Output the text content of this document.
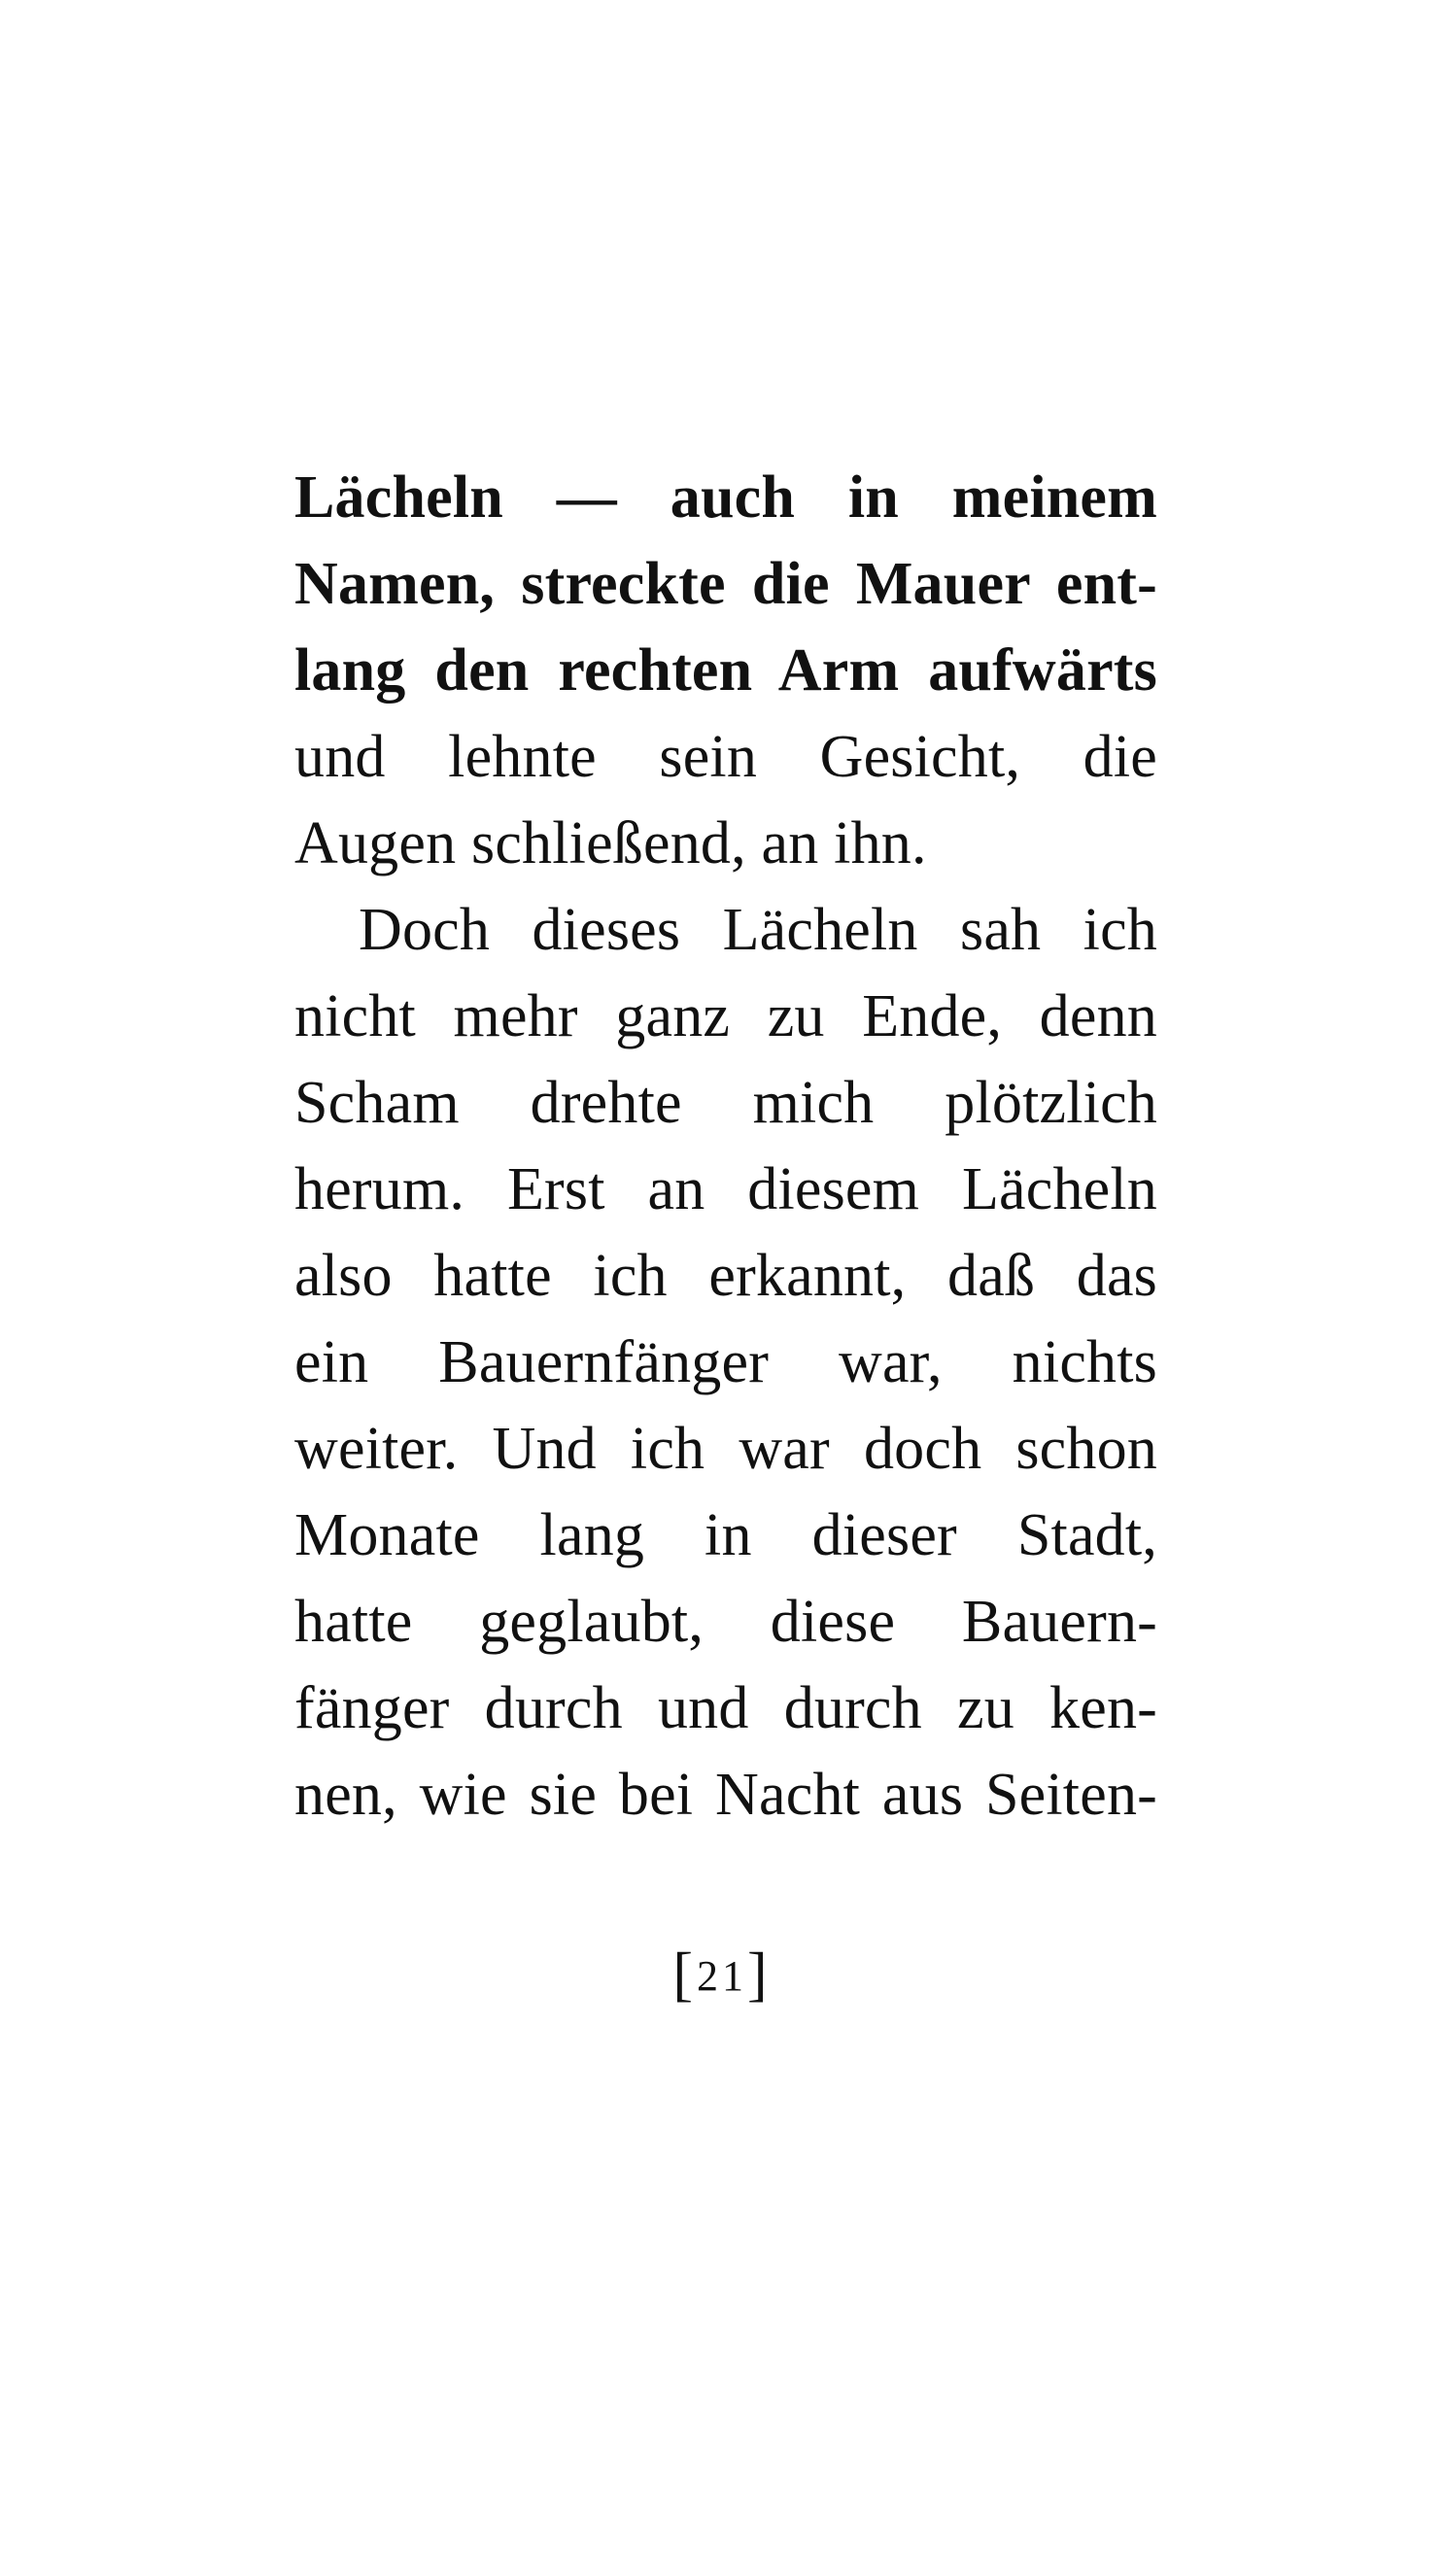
Lächeln — auch in meinem
Namen, streckte die Mauer ent-
lang den rechten Arm aufwärts
und lehnte sein Gesicht, die
Augen schließend, an ihn.
Doch dieses Lächeln sah ich
nicht mehr ganz zu Ende, denn
Scham drehte mich plötzlich
herum. Erst an diesem Lächeln
also hatte ich erkannt, daß das
ein Bauernfänger war, nichts
weiter. Und ich war doch schon
Monate lang in dieser Stadt,
hatte geglaubt, diese Bauern-
fänger durch und durch zu ken-
nen, wie sie bei Nacht aus Seiten-
[21]
